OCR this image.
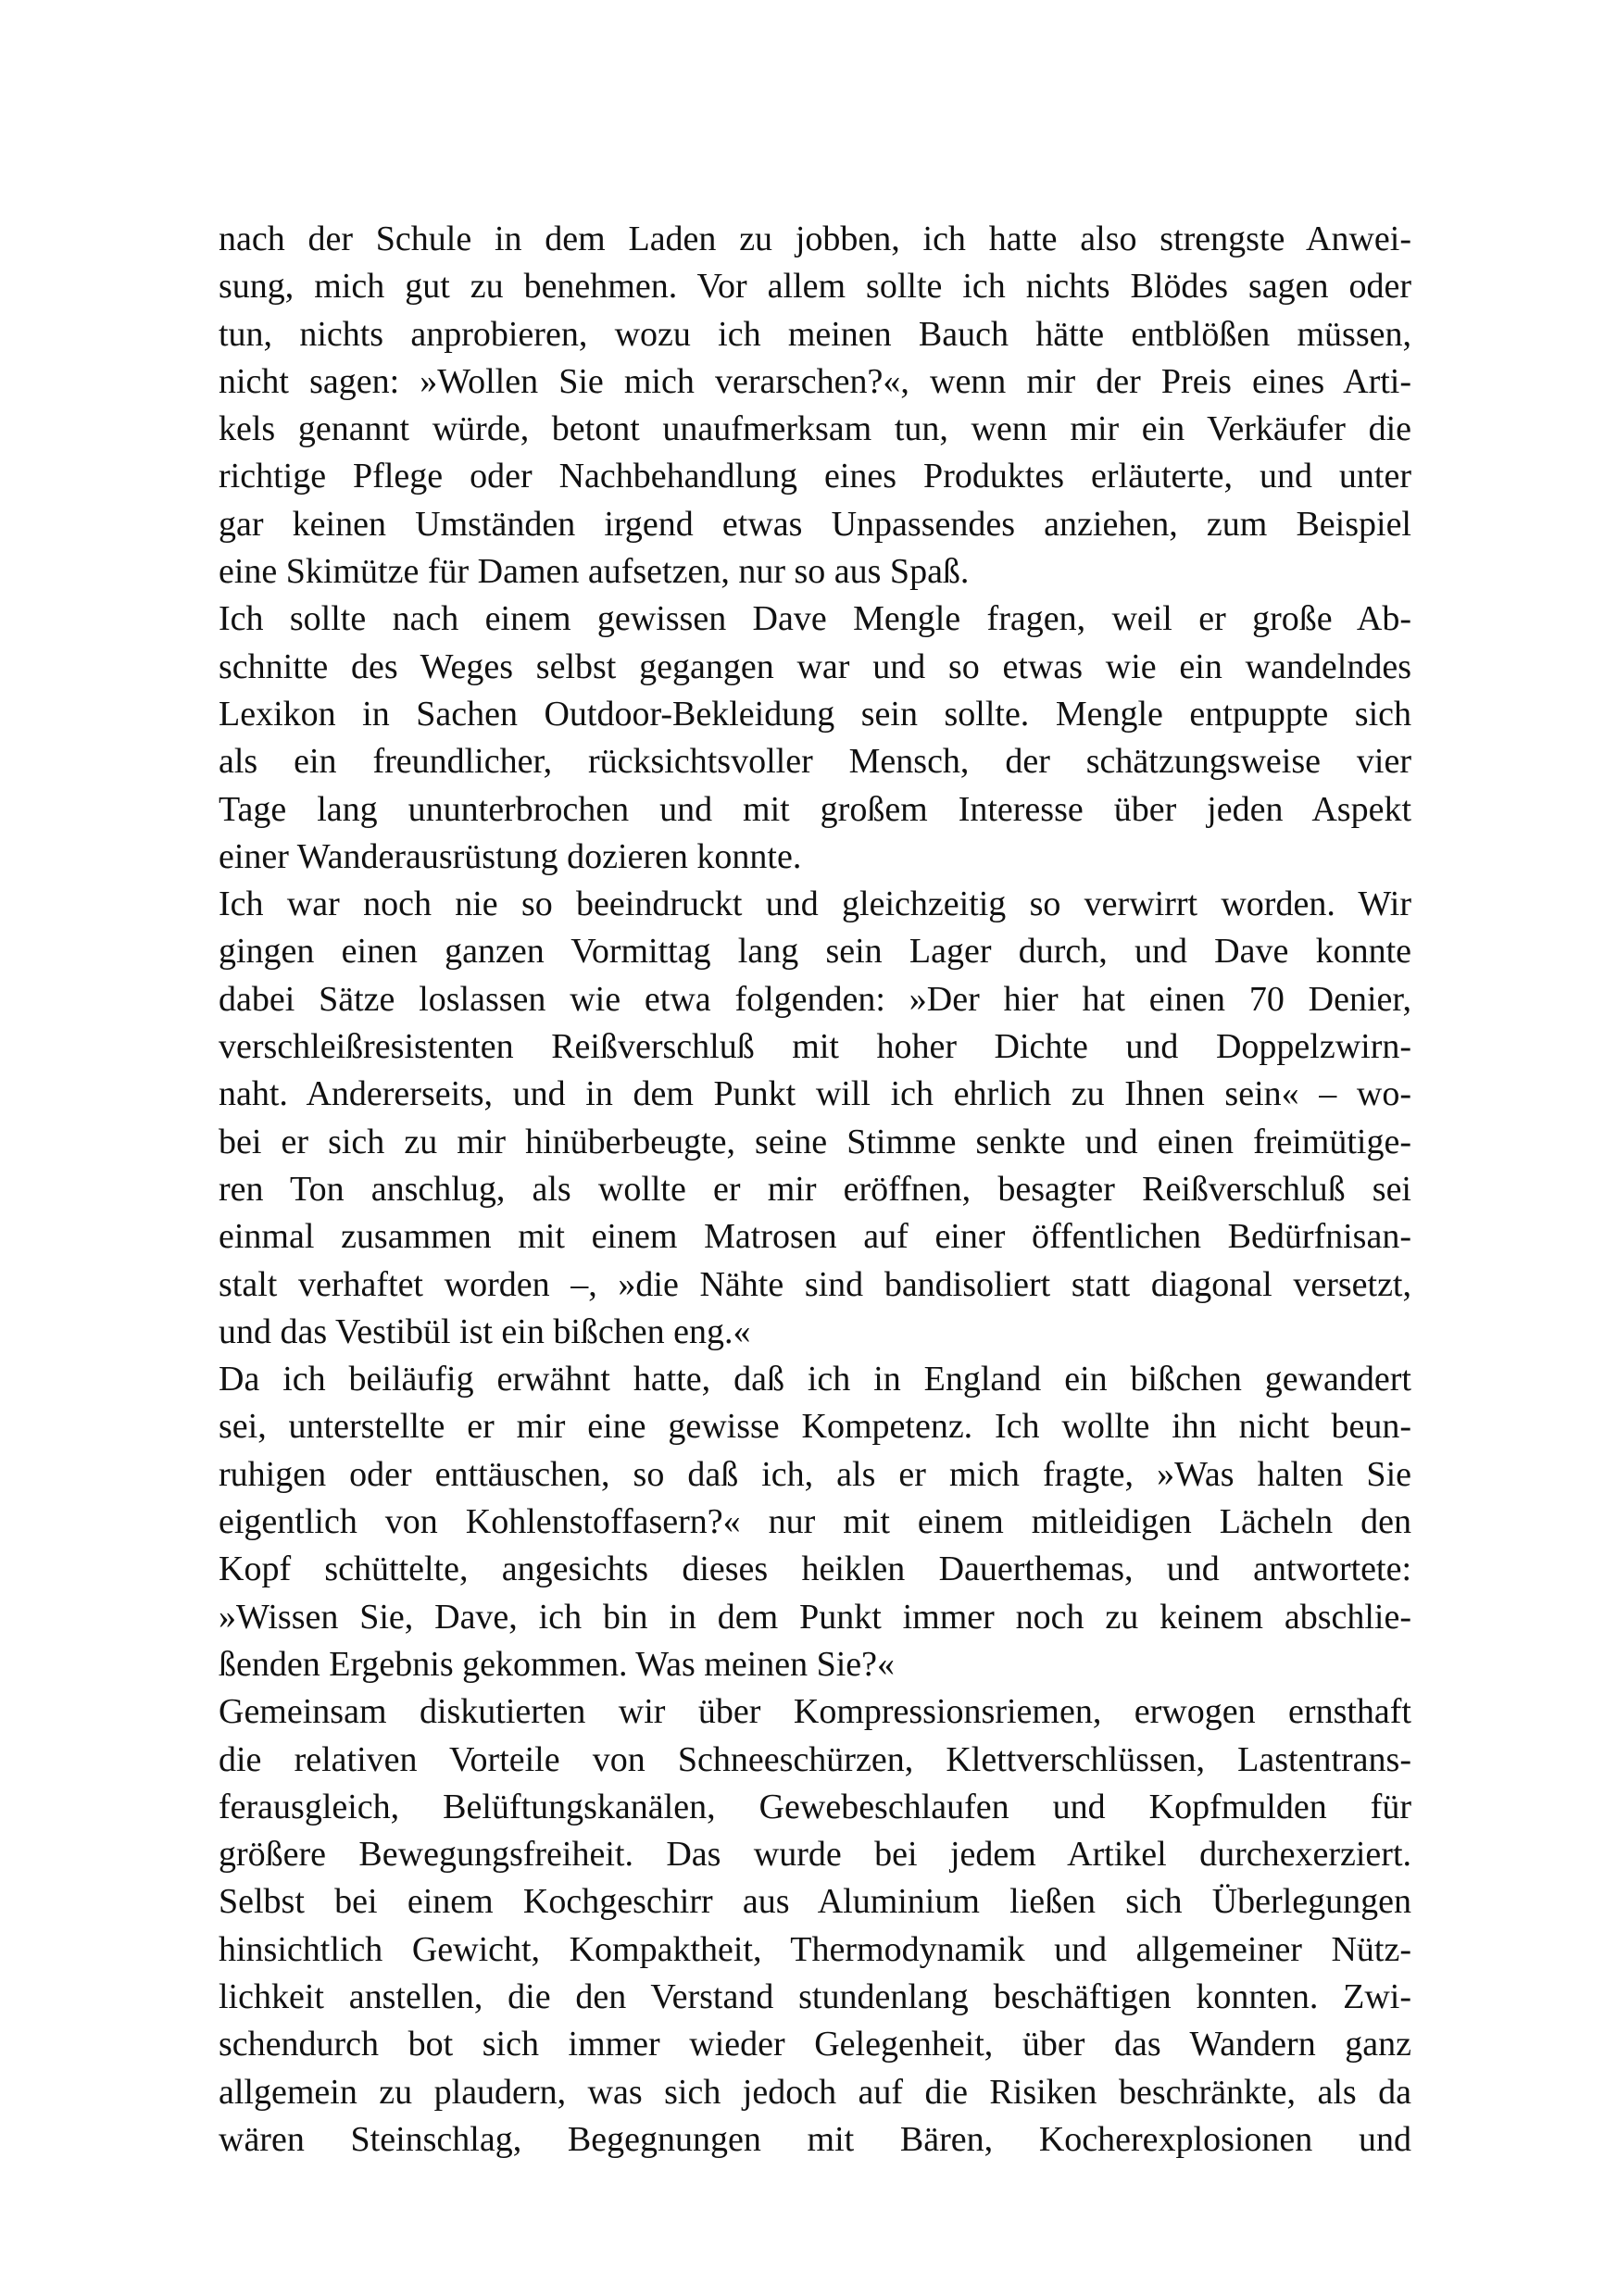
nach der Schule in dem Laden zu jobben, ich hatte also strengste Anwei-
sung, mich gut zu benehmen. Vor allem sollte ich nichts Blödes sagen oder
tun, nichts anprobieren, wozu ich meinen Bauch hätte entblößen müssen,
nicht sagen: »Wollen Sie mich verarschen?«, wenn mir der Preis eines Arti-
kels genannt würde, betont unaufmerksam tun, wenn mir ein Verkäufer die
richtige Pflege oder Nachbehandlung eines Produktes erläuterte, und unter
gar keinen Umständen irgend etwas Unpassendes anziehen, zum Beispiel
eine Skimütze für Damen aufsetzen, nur so aus Spaß.
Ich sollte nach einem gewissen Dave Mengle fragen, weil er große Ab-
schnitte des Weges selbst gegangen war und so etwas wie ein wandelndes
Lexikon in Sachen Outdoor-Bekleidung sein sollte. Mengle entpuppte sich
als ein freundlicher, rücksichtsvoller Mensch, der schätzungsweise vier
Tage lang ununterbrochen und mit großem Interesse über jeden Aspekt
einer Wanderausrüstung dozieren konnte.
Ich war noch nie so beeindruckt und gleichzeitig so verwirrt worden. Wir
gingen einen ganzen Vormittag lang sein Lager durch, und Dave konnte
dabei Sätze loslassen wie etwa folgenden: »Der hier hat einen 70 Denier,
verschleißresistenten Reißverschluß mit hoher Dichte und Doppelzwirn-
naht. Andererseits, und in dem Punkt will ich ehrlich zu Ihnen sein« – wo-
bei er sich zu mir hinüberbeugte, seine Stimme senkte und einen freimütige-
ren Ton anschlug, als wollte er mir eröffnen, besagter Reißverschluß sei
einmal zusammen mit einem Matrosen auf einer öffentlichen Bedürfnisan-
stalt verhaftet worden –, »die Nähte sind bandisoliert statt diagonal versetzt,
und das Vestibül ist ein bißchen eng.«
Da ich beiläufig erwähnt hatte, daß ich in England ein bißchen gewandert
sei, unterstellte er mir eine gewisse Kompetenz. Ich wollte ihn nicht beun-
ruhigen oder enttäuschen, so daß ich, als er mich fragte, »Was halten Sie
eigentlich von Kohlenstoffasern?« nur mit einem mitleidigen Lächeln den
Kopf schüttelte, angesichts dieses heiklen Dauerthemas, und antwortete:
»Wissen Sie, Dave, ich bin in dem Punkt immer noch zu keinem abschlie-
ßenden Ergebnis gekommen. Was meinen Sie?«
Gemeinsam diskutierten wir über Kompressionsriemen, erwogen ernsthaft
die relativen Vorteile von Schneeschürzen, Klettverschlüssen, Lastentrans-
ferausgleich, Belüftungskanälen, Gewebeschlaufen und Kopfmulden für
größere Bewegungsfreiheit. Das wurde bei jedem Artikel durchexerziert.
Selbst bei einem Kochgeschirr aus Aluminium ließen sich Überlegungen
hinsichtlich Gewicht, Kompaktheit, Thermodynamik und allgemeiner Nütz-
lichkeit anstellen, die den Verstand stundenlang beschäftigen konnten. Zwi-
schendurch bot sich immer wieder Gelegenheit, über das Wandern ganz
allgemein zu plaudern, was sich jedoch auf die Risiken beschränkte, als da
wären Steinschlag, Begegnungen mit Bären, Kocherexplosionen und
